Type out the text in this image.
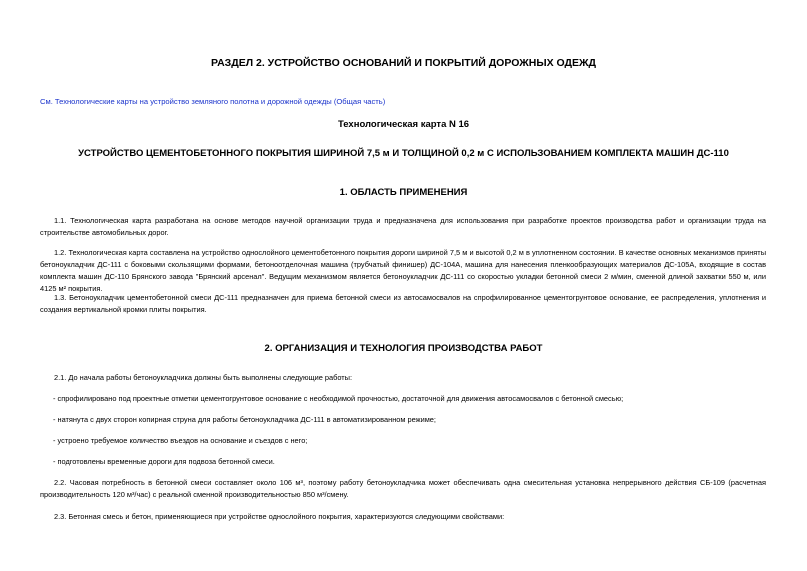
РАЗДЕЛ 2. УСТРОЙСТВО ОСНОВАНИЙ И ПОКРЫТИЙ ДОРОЖНЫХ ОДЕЖД
См. Технологические карты на устройство земляного полотна и дорожной одежды (Общая часть)
Технологическая карта N 16
УСТРОЙСТВО ЦЕМЕНТОБЕТОННОГО ПОКРЫТИЯ ШИРИНОЙ 7,5 м И ТОЛЩИНОЙ 0,2 м С ИСПОЛЬЗОВАНИЕМ КОМПЛЕКТА МАШИН ДС-110
1. ОБЛАСТЬ ПРИМЕНЕНИЯ

1.1. Технологическая карта разработана на основе методов научной организации труда и предназначена для использования при разработке проектов производства работ и организации труда на строительстве автомобильных дорог.

1.2. Технологическая карта составлена на устройство однослойного цементобетонного покрытия дороги шириной 7,5 м и высотой 0,2 м в уплотненном состоянии. В качестве основных механизмов приняты бетоноукладчик ДС-111 с боковыми скользящими формами, бетоноотделочная машина (трубчатый финишер) ДС-104А, машина для нанесения пленкообразующих материалов ДС-105А, входящие в состав комплекта машин ДС-110 Брянского завода "Брянский арсенал". Ведущим механизмом является бетоноукладчик ДС-111 со скоростью укладки бетонной смеси 2 м/мин, сменной длиной захватки 550 м, или 4125 м² покрытия.

1.3. Бетоноукладчик цементобетонной смеси ДС-111 предназначен для приема бетонной смеси из автосамосвалов на спрофилированное цементогрунтовое основание, ее распределения, уплотнения и создания вертикальной кромки плиты покрытия.

2. ОРГАНИЗАЦИЯ И ТЕХНОЛОГИЯ ПРОИЗВОДСТВА РАБОТ

2.1. До начала работы бетоноукладчика должны быть выполнены следующие работы:

- спрофилировано под проектные отметки цементогрунтовое основание с необходимой прочностью, достаточной для движения автосамосвалов с бетонной смесью;

- натянута с двух сторон копирная струна для работы бетоноукладчика ДС-111 в автоматизированном режиме;

- устроено требуемое количество въездов на основание и съездов с него;

- подготовлены временные дороги для подвоза бетонной смеси.

2.2. Часовая потребность в бетонной смеси составляет около 106 м³, поэтому работу бетоноукладчика может обеспечивать одна смесительная установка непрерывного действия СБ-109 (расчетная производительность 120 м³/час) с реальной сменной производительностью 850 м³/смену.

2.3. Бетонная смесь и бетон, применяющиеся при устройстве однослойного покрытия, характеризуются следующими свойствами:
